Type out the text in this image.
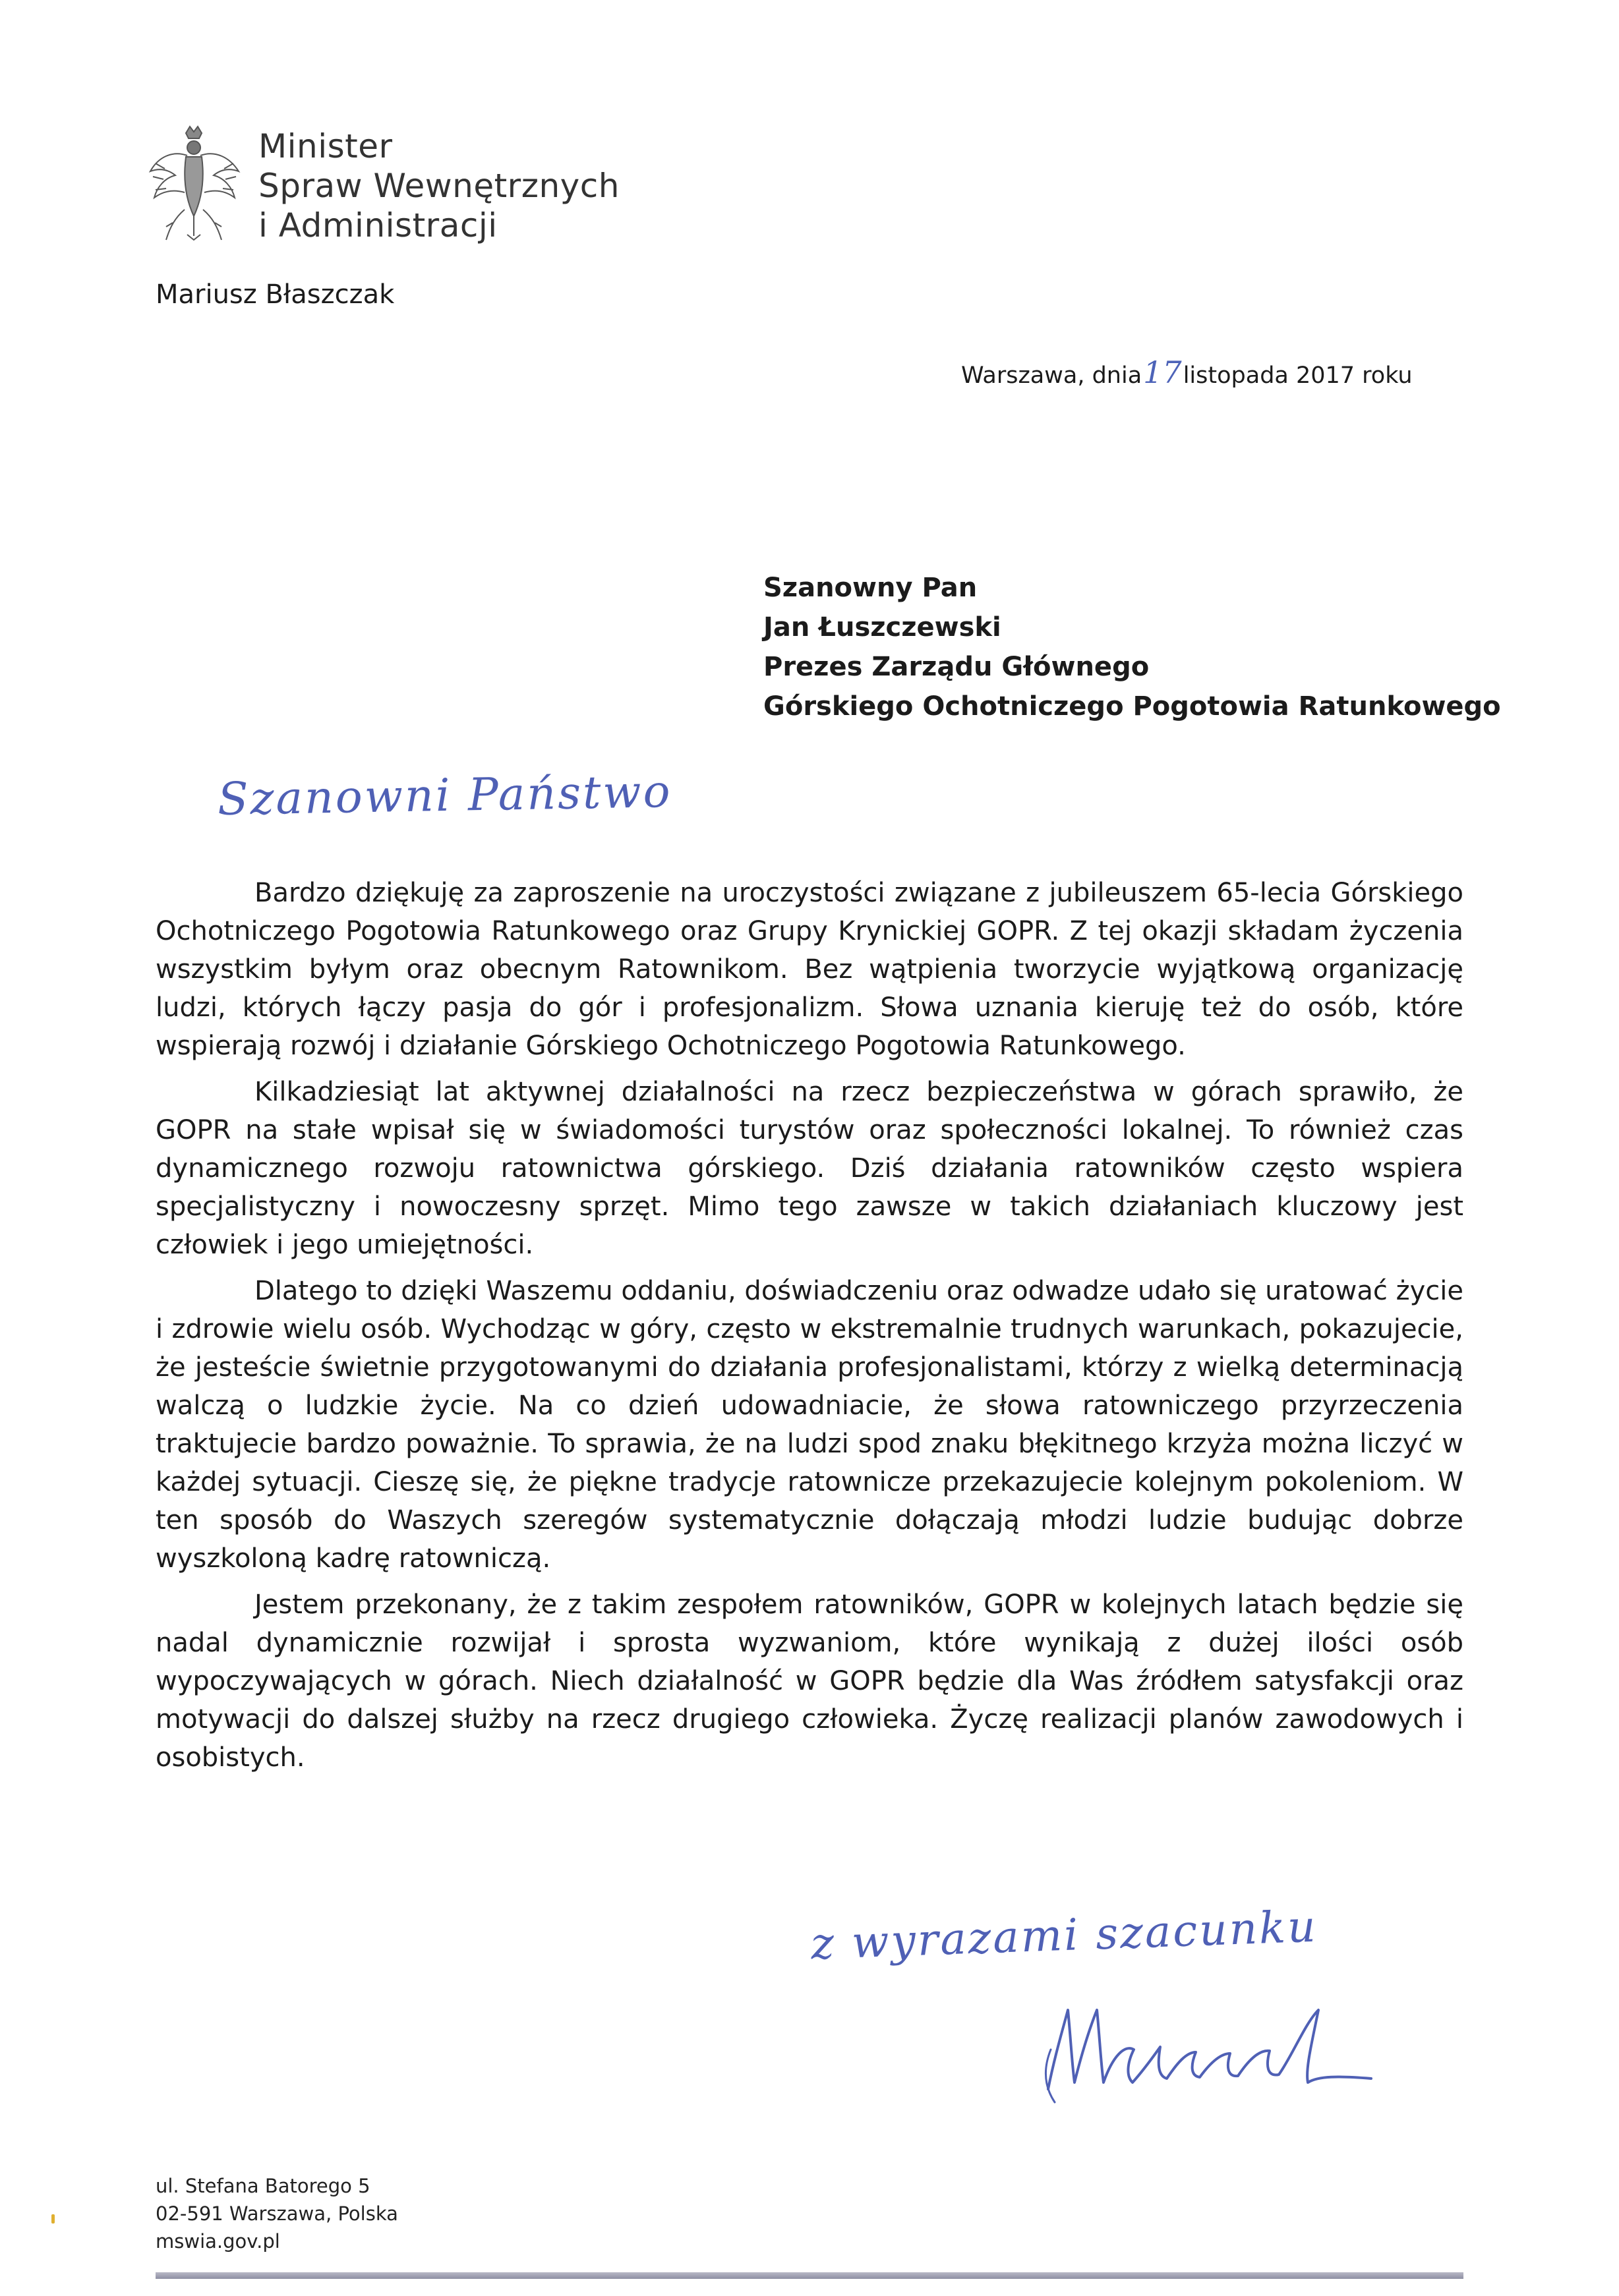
Minister
Spraw Wewnętrznych
i Administracji
Mariusz Błaszczak
Warszawa, dnia17listopada 2017 roku
Szanowny Pan
Jan Łuszczewski
Prezes Zarządu Głównego
Górskiego Ochotniczego Pogotowia Ratunkowego
Szanowni Państwo

Bardzo dziękuję za zaproszenie na uroczystości związane z jubileuszem 65-lecia Górskiego Ochotniczego Pogotowia Ratunkowego oraz Grupy Krynickiej GOPR. Z tej okazji składam życzenia wszystkim byłym oraz obecnym Ratownikom. Bez wątpienia tworzycie wyjątkową organizację ludzi, których łączy pasja do gór i profesjonalizm. Słowa uznania kieruję też do osób, które wspierają rozwój i działanie Górskiego Ochotniczego Pogotowia Ratunkowego.

Kilkadziesiąt lat aktywnej działalności na rzecz bezpieczeństwa w górach sprawiło, że GOPR na stałe wpisał się w świadomości turystów oraz społeczności lokalnej. To również czas dynamicznego rozwoju ratownictwa górskiego. Dziś działania ratowników często wspiera specjalistyczny i nowoczesny sprzęt. Mimo tego zawsze w takich działaniach kluczowy jest człowiek i jego umiejętności.

Dlatego to dzięki Waszemu oddaniu, doświadczeniu oraz odwadze udało się uratować życie i zdrowie wielu osób. Wychodząc w góry, często w ekstremalnie trudnych warunkach, pokazujecie, że jesteście świetnie przygotowanymi do działania profesjonalistami, którzy z wielką determinacją walczą o ludzkie życie. Na co dzień udowadniacie, że słowa ratowniczego przyrzeczenia traktujecie bardzo poważnie. To sprawia, że na ludzi spod znaku błękitnego krzyża można liczyć w każdej sytuacji. Cieszę się, że piękne tradycje ratownicze przekazujecie kolejnym pokoleniom. W ten sposób do Waszych szeregów systematycznie dołączają młodzi ludzie budując dobrze wyszkoloną kadrę ratowniczą.

Jestem przekonany, że z takim zespołem ratowników, GOPR w kolejnych latach będzie się nadal dynamicznie rozwijał i sprosta wyzwaniom, które wynikają z dużej ilości osób wypoczywających w górach. Niech działalność w GOPR będzie dla Was źródłem satysfakcji oraz motywacji do dalszej służby na rzecz drugiego człowieka. Życzę realizacji planów zawodowych i osobistych.

z wyrazami szacunku
ul. Stefana Batorego 5
02-591 Warszawa, Polska
mswia.gov.pl
